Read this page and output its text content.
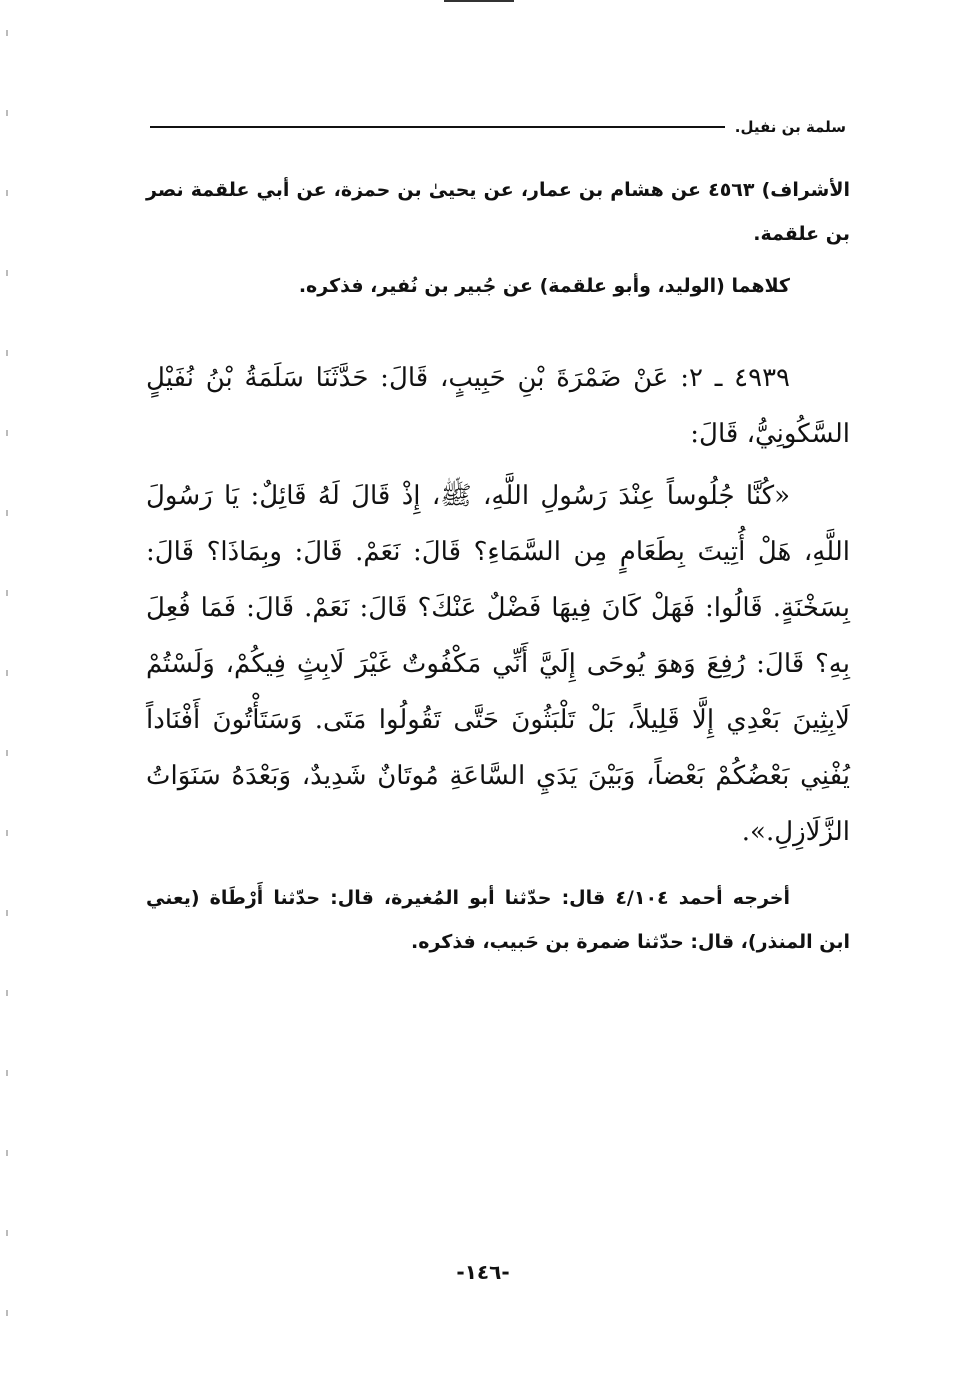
سلمة بن نفيل.
الأشراف) ٤٥٦٣ عن هشام بن عمار، عن يحيىٰ بن حمزة، عن أبي علقمة نصر بن علقمة.
كلاهما (الوليد، وأبو علقمة) عن جُبير بن نُفير، فذكره.
٤٩٣٩ ـ ٢: عَنْ ضَمْرَةَ بْنِ حَبِيبٍ، قَالَ: حَدَّثَنَا سَلَمَةُ بْنُ نُفَيْلٍ السَّكُونِيُّ، قَالَ:
«كُنَّا جُلُوساً عِنْدَ رَسُولِ اللَّهِ، ﷺ، إِذْ قَالَ لَهُ قَائِلٌ: يَا رَسُولَ اللَّهِ، هَلْ أُتِيتَ بِطَعَامٍ مِن السَّمَاءِ؟ قَالَ: نَعَمْ. قَالَ: وبِمَاذَا؟ قَالَ: بِسَخْنَةٍ. قَالُوا: فَهَلْ كَانَ فِيهَا فَضْلٌ عَنْكَ؟ قَالَ: نَعَمْ. قَالَ: فَمَا فُعِلَ بِهِ؟ قَالَ: رُفِعَ وَهوَ يُوحَى إِلَيَّ أَنِّي مَكْفُوتٌ غَيْرَ لَابِثٍ فِيكُمْ، وَلَسْتُمْ لَابِثِينَ بَعْدِي إِلَّا قَلِيلاً، بَلْ تَلْبَثُونَ حَتَّى تَقُولُوا مَتَى. وَسَتَأْتُونَ أَفْنَاداً يُفْنِي بَعْضُكُمْ بَعْضاً، وَبَيْنَ يَدَيِ السَّاعَةِ مُوتَانٌ شَدِيدٌ، وَبَعْدَهُ سَنَوَاتُ الزَّلَازِلِ.».
أخرجه أحمد ٤/١٠٤ قال: حدّثنا أبو المُغيرة، قال: حدّثنا أَرْطَاة (يعني ابن المنذر)، قال: حدّثنا ضمرة بن حَبيب، فذكره.
-١٤٦-
